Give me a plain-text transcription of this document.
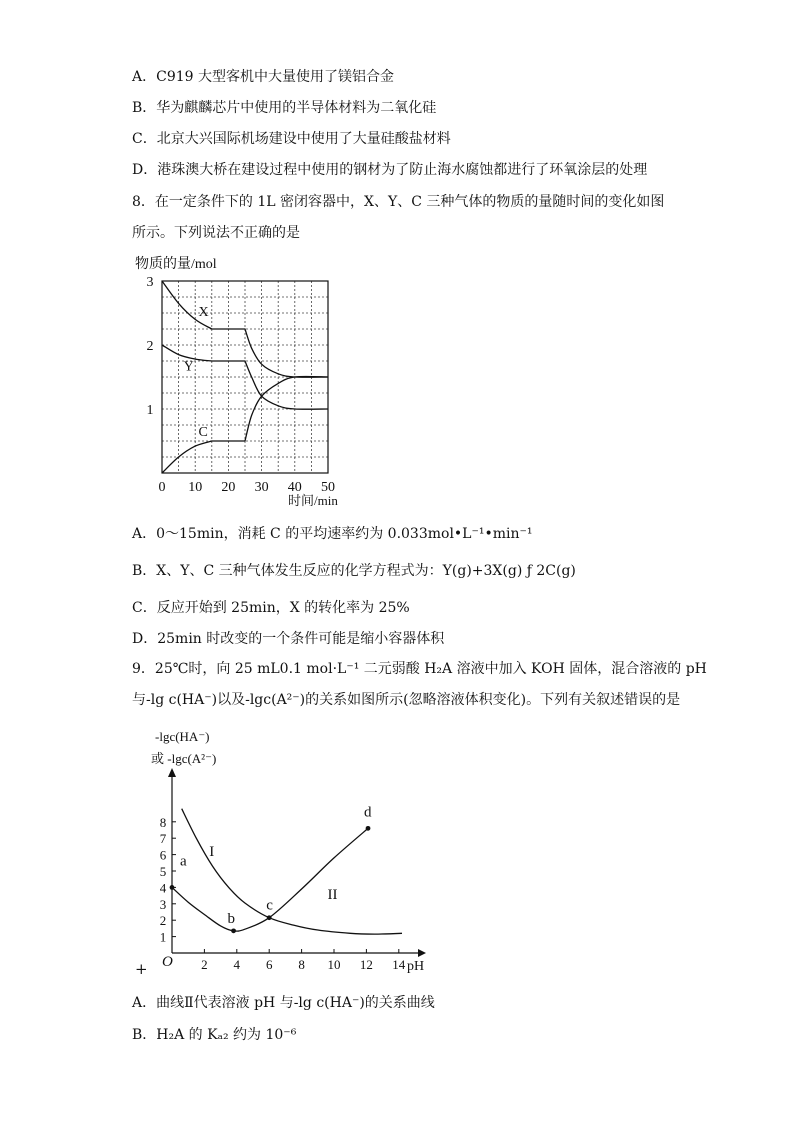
A．C919 大型客机中大量使用了镁铝合金
B．华为麒麟芯片中使用的半导体材料为二氧化硅
C．北京大兴国际机场建设中使用了大量硅酸盐材料
D．港珠澳大桥在建设过程中使用的钢材为了防止海水腐蚀都进行了环氧涂层的处理
8．在一定条件下的 1L 密闭容器中，X、Y、C 三种气体的物质的量随时间的变化如图
所示。下列说法不正确的是
物质的量/mol
0 10 20 30 40 50
1
2
3
X
Y
C
时间/min
A．0～15min，消耗 C 的平均速率约为 0.033mol•L⁻¹•min⁻¹
B．X、Y、C 三种气体发生反应的化学方程式为：Y(g)+3X(g) ƒ 2C(g)
C．反应开始到 25min，X 的转化率为 25%
D．25min 时改变的一个条件可能是缩小容器体积
9．25℃时，向 25 mL0.1 mol·L⁻¹ 二元弱酸 H₂A 溶液中加入 KOH 固体，混合溶液的 pH
与-lg c(HA⁻)以及-lgc(A²⁻)的关系如图所示(忽略溶液体积变化)。下列有关叙述错误的是
-lgc(HA⁻)
或 -lgc(A²⁻)
2 4 6 8 10 12 14
1
2
3
4
5
6
7
8
a
b
c
d
I
II
O	pH
+
A．曲线Ⅱ代表溶液 pH 与-lg c(HA⁻)的关系曲线
B．H₂A 的 Kₐ₂ 约为 10⁻⁶
